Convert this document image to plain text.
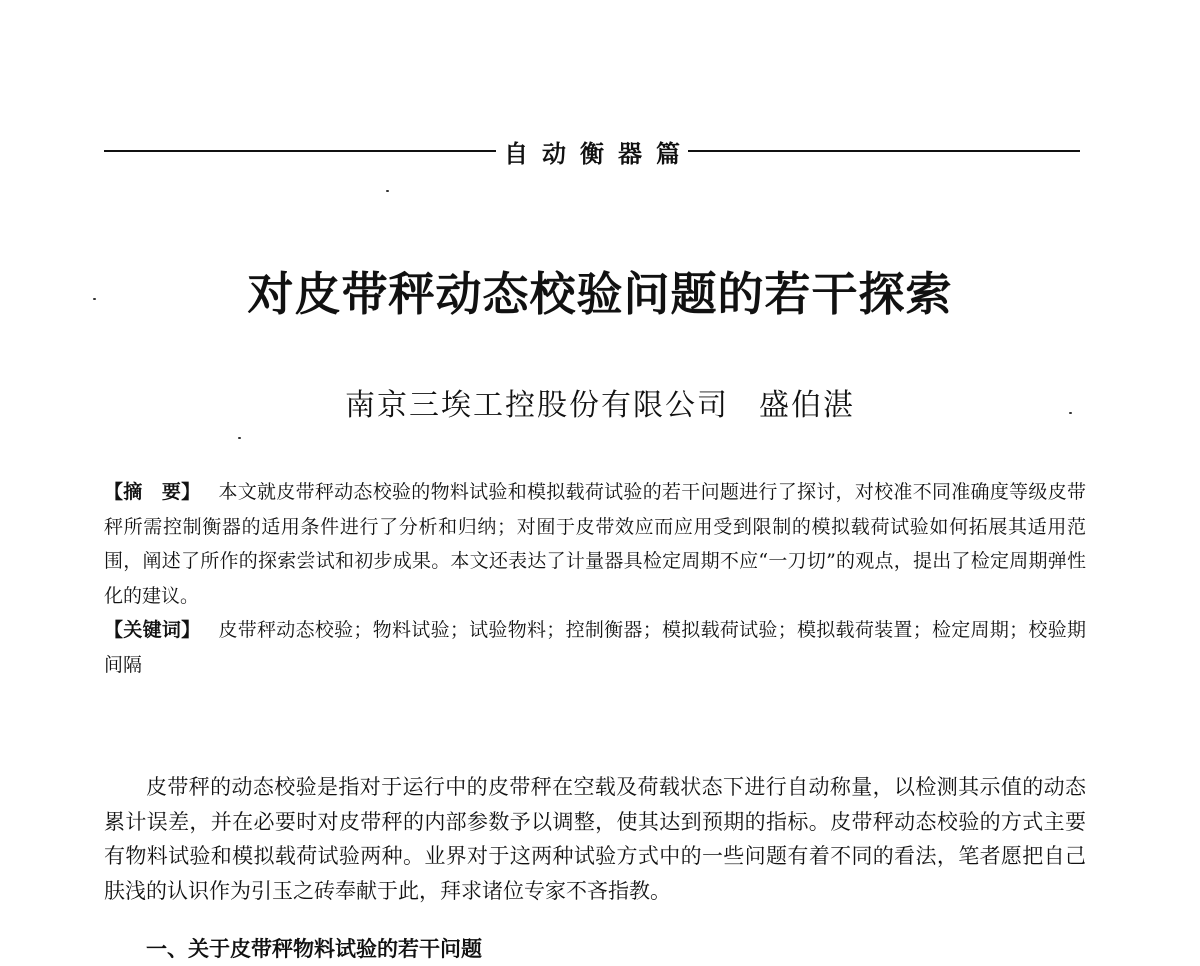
自动衡器篇
对皮带秤动态校验问题的若干探索
南京三埃工控股份有限公司 盛伯湛

【摘　要】 本文就皮带秤动态校验的物料试验和模拟载荷试验的若干问题进行了探讨，对校准不同准确度等级皮带秤所需控制衡器的适用条件进行了分析和归纳；对囿于皮带效应而应用受到限制的模拟载荷试验如何拓展其适用范围，阐述了所作的探索尝试和初步成果。本文还表达了计量器具检定周期不应“一刀切”的观点，提出了检定周期弹性化的建议。

【关键词】 皮带秤动态校验；物料试验；试验物料；控制衡器；模拟载荷试验；模拟载荷装置；检定周期；校验期间隔

皮带秤的动态校验是指对于运行中的皮带秤在空载及荷载状态下进行自动称量，以检测其示值的动态累计误差，并在必要时对皮带秤的内部参数予以调整，使其达到预期的指标。皮带秤动态校验的方式主要有物料试验和模拟载荷试验两种。业界对于这两种试验方式中的一些问题有着不同的看法，笔者愿把自己肤浅的认识作为引玉之砖奉献于此，拜求诸位专家不吝指教。

一、关于皮带秤物料试验的若干问题
